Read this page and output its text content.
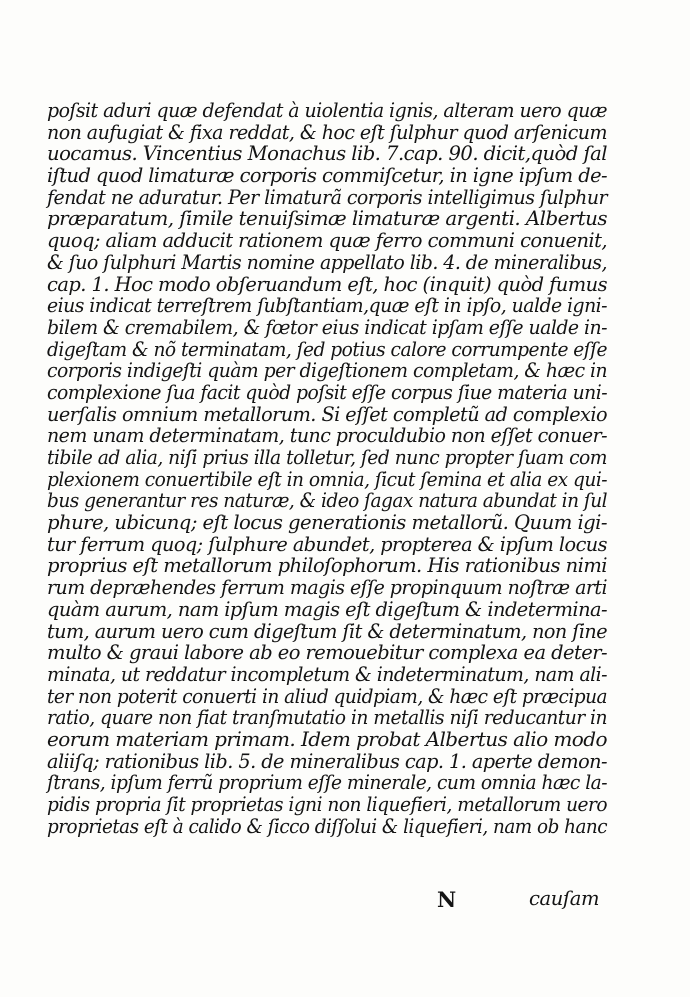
poſsit aduri quæ defendat à uiolentia ignis, alteram uero quæ
non aufugiat & fixa reddat, & hoc eſt ſulphur quod arſenicum
uocamus. Vincentius Monachus lib. 7.cap. 90. dicit,quòd ſal
iſtud quod limaturæ corporis commiſcetur, in igne ipſum de-
fendat ne aduratur. Per limaturã corporis intelligimus ſulphur
præparatum, ſimile tenuiſsimæ limaturæ argenti. Albertus
quoq; aliam adducit rationem quæ ferro communi conuenit,
& ſuo ſulphuri Martis nomine appellato lib. 4. de mineralibus,
cap. 1. Hoc modo obſeruandum eſt, hoc (inquit) quòd fumus
eius indicat terreſtrem ſubſtantiam,quæ eſt in ipſo, ualde igni-
bilem & cremabilem, & fœtor eius indicat ipſam eſſe ualde in-
digeſtam & nõ terminatam, ſed potius calore corrumpente eſſe
corporis indigeſti quàm per digeſtionem completam, & hæc in
complexione ſua facit quòd poſsit eſſe corpus ſiue materia uni-
uerſalis omnium metallorum. Si eſſet completũ ad complexio
nem unam determinatam, tunc proculdubio non eſſet conuer-
tibile ad alia, niſi prius illa tolletur, ſed nunc propter ſuam com
plexionem conuertibile eſt in omnia, ſicut ſemina et alia ex qui-
bus generantur res naturæ, & ideo ſagax natura abundat in ſul
phure, ubicunq; eſt locus generationis metallorũ. Quum igi-
tur ferrum quoq; ſulphure abundet, propterea & ipſum locus
proprius eſt metallorum philoſophorum. His rationibus nimi
rum depræhendes ferrum magis eſſe propinquum noſtræ arti
quàm aurum, nam ipſum magis eſt digeſtum & indetermina-
tum, aurum uero cum digeſtum ſit & determinatum, non ſine
multo & graui labore ab eo remouebitur complexa ea deter-
minata, ut reddatur incompletum & indeterminatum, nam ali-
ter non poterit conuerti in aliud quidpiam, & hæc eſt præcipua
ratio, quare non fiat tranſmutatio in metallis niſi reducantur in
eorum materiam primam. Idem probat Albertus alio modo
aliiſq; rationibus lib. 5. de mineralibus cap. 1. aperte demon-
ſtrans, ipſum ferrũ proprium eſſe minerale, cum omnia hæc la-
pidis propria ſit proprietas igni non liquefieri, metallorum uero
proprietas eſt à calido & ſicco diſſolui & liquefieri, nam ob hanc
N	cauſam
